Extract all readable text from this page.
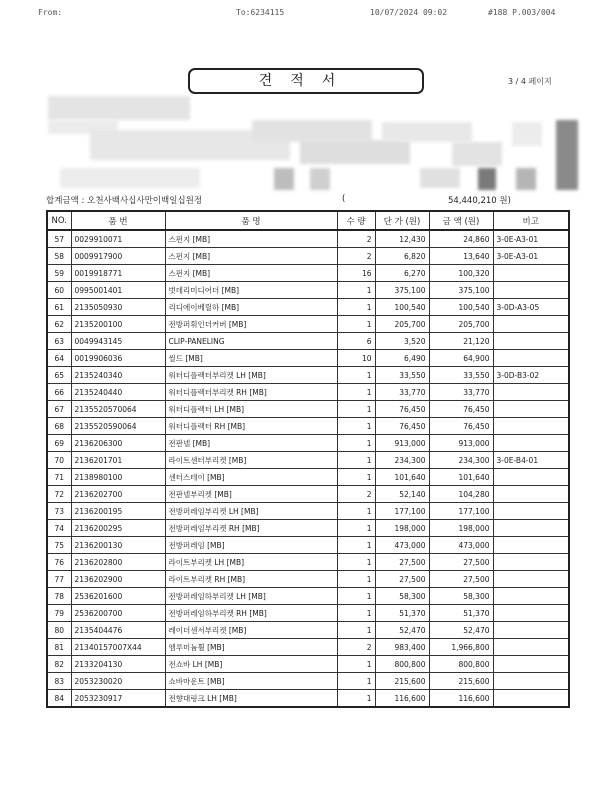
From:	To:6234115	10/07/2024 09:02	#188 P.003/004
견적서	3 / 4 페이지
합계금액 : 오천사백사십사만이백일십원정	(	54,440,210 원)
NO.	품 번	품 명	수 량	단 가 (원)	금 액 (원)	비고
57	0029910071	스펀지 [MB]	2	12,430	24,860	3-0E-A3-01
58	0009917900	스펀지 [MB]	2	6,820	13,640	3-0E-A3-01
59	0019918771	스펀지 [MB]	16	6,270	100,320	
60	0995001401	벗데리미디어더 [MB]	1	375,100	375,100	
61	2135050930	리디에이베릴하 [MB]	1	100,540	100,540	3-0D-A3-05
62	2135200100	전방퍼휘인더커버 [MB]	1	205,700	205,700	
63	0049943145	CLIP-PANELING	6	3,520	21,120	
64	0019906036	씰드 [MB]	10	6,490	64,900	
65	2135240340	워터디플렉터부리켓 LH [MB]	1	33,550	33,550	3-0D-B3-02
66	2135240440	워터디플렉터부리켓 RH [MB]	1	33,770	33,770	
67	2135520570064	워터디플렉터 LH [MB]	1	76,450	76,450	
68	2135520590064	워터디플렉터 RH [MB]	1	76,450	76,450	
69	2136206300	전판넬 [MB]	1	913,000	913,000	
70	2136201701	라이트센터부리켓 [MB]	1	234,300	234,300	3-0E-B4-01
71	2138980100	센터스테이 [MB]	1	101,640	101,640	
72	2136202700	전판넬부리켓 [MB]	2	52,140	104,280	
73	2136200195	전방퍼레임부리켓 LH [MB]	1	177,100	177,100	
74	2136200295	전방퍼레임부리켓 RH [MB]	1	198,000	198,000	
75	2136200130	전방퍼레임 [MB]	1	473,000	473,000	
76	2136202800	라이트부리켓 LH [MB]	1	27,500	27,500	
77	2136202900	라이트부리켓 RH [MB]	1	27,500	27,500	
78	2536201600	전방퍼레임하부리켓 LH [MB]	1	58,300	58,300	
79	2536200700	전방퍼레임하부리켓 RH [MB]	1	51,370	51,370	
80	2135404476	레이더센서부리켓 [MB]	1	52,470	52,470	
81	21340157007X44	엠루미늄휠 [MB]	2	983,400	1,966,800	
82	2133204130	전쇼바 LH [MB]	1	800,800	800,800	
83	2053230020	쇼바마운트 [MB]	1	215,600	215,600	
84	2053230917	전향대링크 LH [MB]	1	116,600	116,600	
